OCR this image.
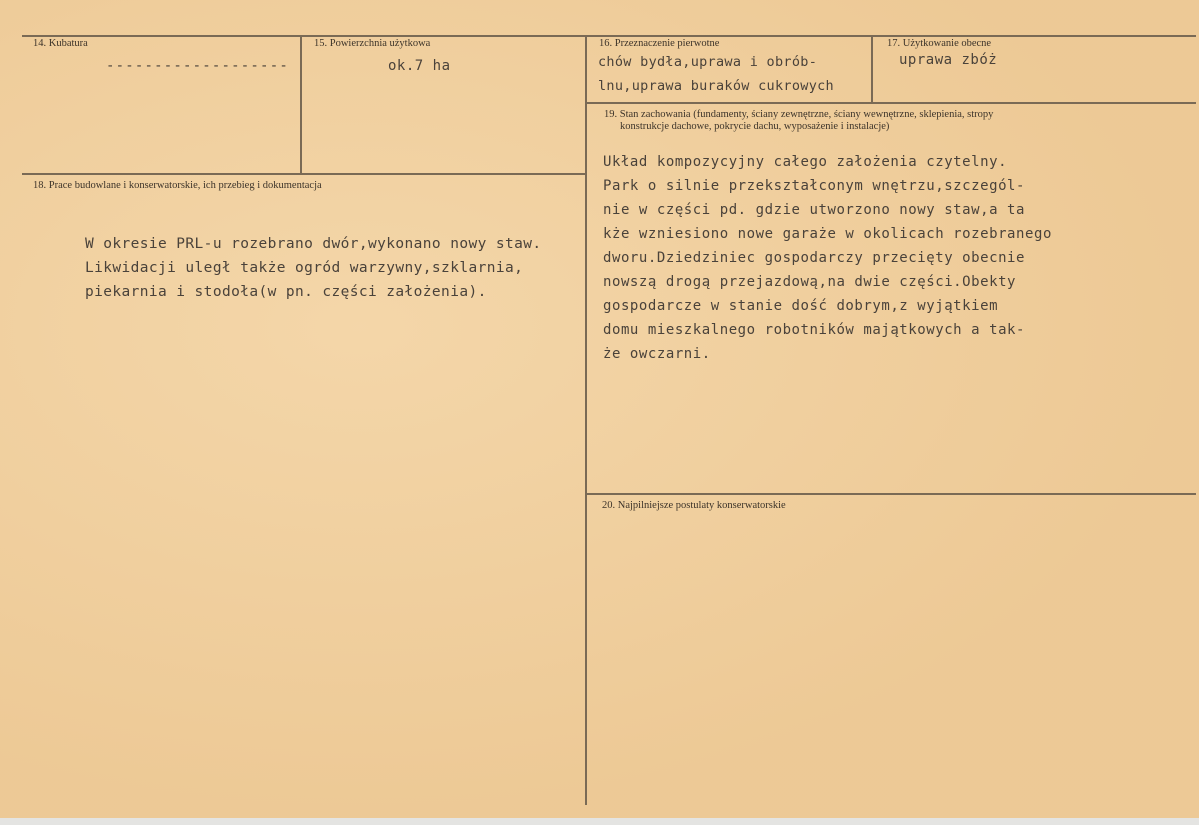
14. Kubatura
-------------------
15. Powierzchnia użytkowa
ok.7 ha
16. Przeznaczenie pierwotne
chów bydła,uprawa i obrób-
lnu,uprawa buraków cukrowych
17. Użytkowanie obecne
uprawa zbóż
18. Prace budowlane i konserwatorskie, ich przebieg i dokumentacja
W okresie PRL-u rozebrano dwór,wykonano nowy staw.
Likwidacji uległ także ogród warzywny,szklarnia,
piekarnia i stodoła(w pn. części założenia).
19. Stan zachowania (fundamenty, ściany zewnętrzne, ściany wewnętrzne, sklepienia, stropy
konstrukcje dachowe, pokrycie dachu, wyposażenie i instalacje)
Układ kompozycyjny całego założenia czytelny.
Park o silnie przekształconym wnętrzu,szczegól-
nie w części pd. gdzie utworzono nowy staw,a ta
kże wzniesiono nowe garaże w okolicach rozebranego
dworu.Dziedziniec gospodarczy przecięty obecnie
nowszą drogą przejazdową,na dwie części.Obekty
gospodarcze w stanie dość dobrym,z wyjątkiem
domu mieszkalnego robotników majątkowych a tak-
że owczarni.
20. Najpilniejsze postulaty konserwatorskie
